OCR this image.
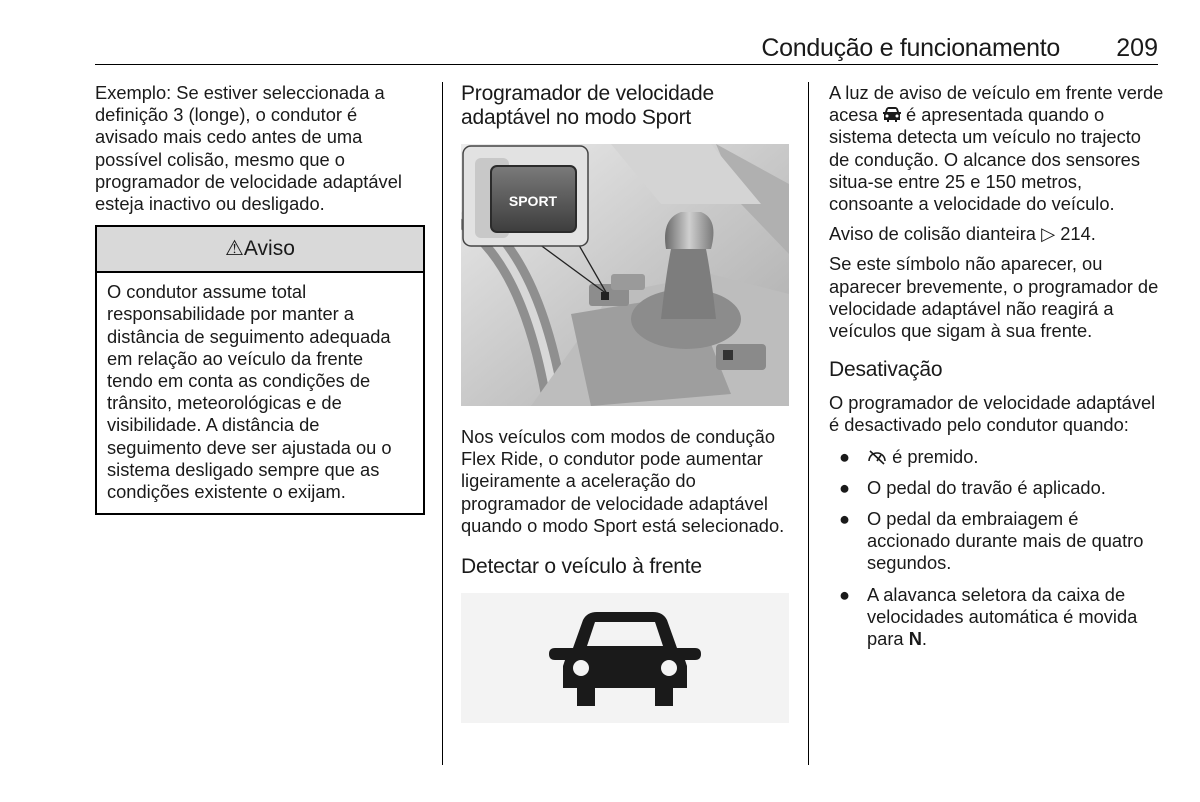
Condução e funcionamento	209

Exemplo: Se estiver seleccionada a definição 3 (longe), o condutor é avisado mais cedo antes de uma possível colisão, mesmo que o programador de velocidade adaptável esteja inactivo ou desligado.

⚠Aviso
O condutor assume total responsabilidade por manter a distância de seguimento adequada em relação ao veículo da frente tendo em conta as condições de trânsito, meteorológicas e de visibilidade. A distância de seguimento deve ser ajustada ou o sistema desligado sempre que as condições existente o exijam.
Programador de velocidade adaptável no modo Sport
SPORT

Nos veículos com modos de condução Flex Ride, o condutor pode aumentar ligeiramente a aceleração do programador de velocidade adaptável quando o modo Sport está selecionado.

Detectar o veículo à frente

A luz de aviso de veículo em frente verde acesa é apresentada quando o sistema detecta um veículo no trajecto de condução. O alcance dos sensores situa-se entre 25 e 150 metros, consoante a velocidade do veículo.

Aviso de colisão dianteira ▷ 214.

Se este símbolo não aparecer, ou aparecer brevemente, o programador de velocidade adaptável não reagirá a veículos que sigam à sua frente.

Desativação

O programador de velocidade adaptável é desactivado pelo condutor quando:

● é premido.
● O pedal do travão é aplicado.
● O pedal da embraiagem é accionado durante mais de quatro segundos.
● A alavanca seletora da caixa de velocidades automática é movida para N.
